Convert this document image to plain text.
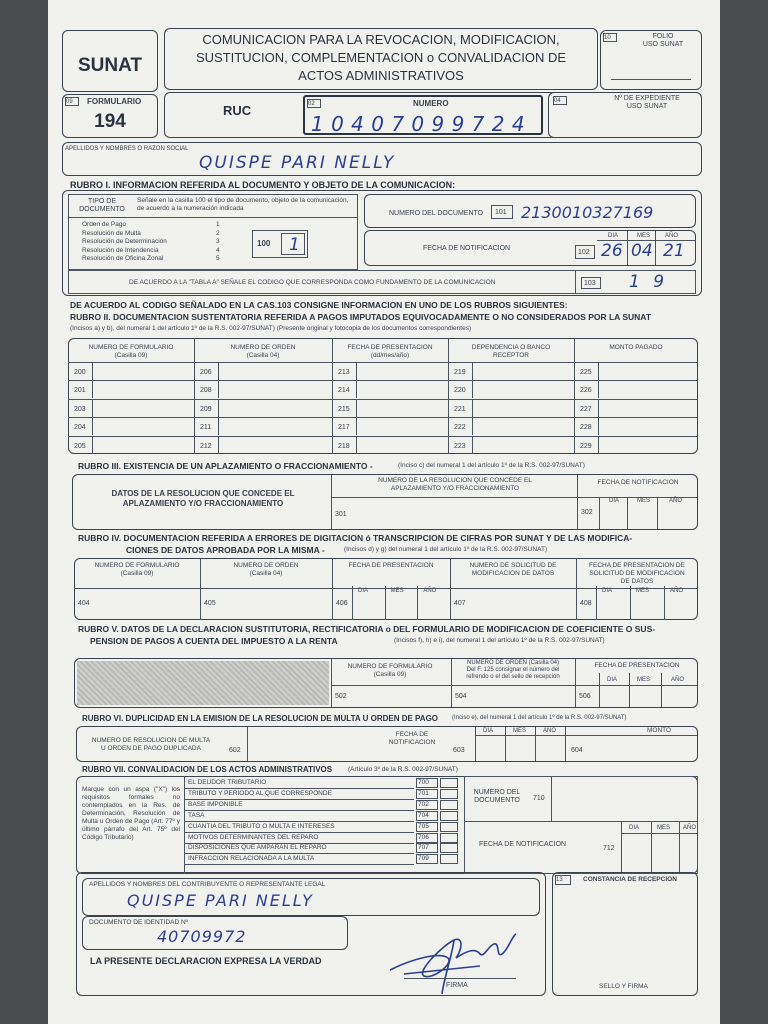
SUNAT
09	FORMULARIO
194
COMUNICACION PARA LA REVOCACION, MODIFICACION,
SUSTITUCION, COMPLEMENTACION o CONVALIDACION DE
ACTOS ADMINISTRATIVOS
10	FOLIO
USO SUNAT
RUC	02	NUMERO
1 0 4 0 7 0 9 9 7 2 4
04	Nº DE EXPEDIENTE
USO SUNAT
APELLIDOS Y NOMBRES O RAZON SOCIAL
QUISPE PARI NELLY
RUBRO I. INFORMACION REFERIDA AL DOCUMENTO Y OBJETO DE LA COMUNICACION:
TIPO DE
DOCUMENTO
Señale en la casilla 100 el tipo de documento, objeto de la comunicación, de acuerdo a la numeración indicada
100 1
NUMERO DEL DOCUMENTO	101 2130010327169
FECHA DE NOTIFICACION
102
DIA	MES AÑO
26 04 21
DE ACUERDO A LA "TABLA A" SEÑALE EL CODIGO QUE CORRESPONDA COMO FUNDAMENTO DE LA COMUNICACION	103	1 9
DE ACUERDO AL CODIGO SEÑALADO EN LA CAS.103 CONSIGNE INFORMACION EN UNO DE LOS RUBROS SIGUIENTES:
RUBRO II. DOCUMENTACION SUSTENTATORIA REFERIDA A PAGOS IMPUTADOS EQUIVOCADAMENTE O NO CONSIDERADOS POR LA SUNAT
(Incisos a) y b), del numeral 1 del artículo 1º de la R.S. 002-97/SUNAT) (Presente original y fotocopia de los documentos correspondientes)
RUBRO III. EXISTENCIA DE UN APLAZAMIENTO O FRACCIONAMIENTO -	(Inciso c) del numeral 1 del artículo 1º de la R.S. 002-97/SUNAT)
DATOS DE LA RESOLUCION QUE CONCEDE EL
APLAZAMIENTO Y/O FRACCIONAMIENTO
NUMERO DE LA RESOLUCION QUE CONCEDE EL
APLAZAMIENTO Y/O FRACCIONAMIENTO
FECHA DE NOTIFICACION
301	302
DIA	MES	AÑO
RUBRO IV. DOCUMENTACION REFERIDA A ERRORES DE DIGITACION ó TRANSCRIPCION DE CIFRAS POR SUNAT Y DE LAS MODIFICA-
CIONES DE DATOS APROBADA POR LA MISMA -	(Incisos d) y g) del numeral 1 del artículo 1º de la R.S. 002-97/SUNAT)
RUBRO V. DATOS DE LA DECLARACION SUSTITUTORIA, RECTIFICATORIA o DEL FORMULARIO DE MODIFICACION DE COEFICIENTE O SUS-
PENSION DE PAGOS A CUENTA DEL IMPUESTO A LA RENTA	(Incisos f), h) e i), del numeral 1 del artículo 1º de la R.S. 002-97/SUNAT)
NUMERO DE FORMULARIO
(Casilla 09)
NUMERO DE ORDEN (Casilla 04)
Del F. 125 consignar el número del
refrendo o el del sello de recepción
FECHA DE PRESENTACION
502	504	506
DIA	MES	AÑO
RUBRO VI. DUPLICIDAD EN LA EMISION DE LA RESOLUCION DE MULTA U ORDEN DE PAGO (Inciso e), del numeral 1 del artículo 1º de la R.S. 002-97/SUNAT)
NUMERO DE RESOLUCION DE MULTA
U ORDEN DE PAGO DUPLICADA	602
FECHA DE
NOTIFICACION
603
DIA	MES	AÑO
604
MONTO
RUBRO VII. CONVALIDACION DE LOS ACTOS ADMINISTRATIVOS (Artículo 3º de la R.S. 002-97/SUNAT)
Marque con un aspa ("X") los requisitos formales no contemplados en la Res. de Determinación, Resolución de Multa u Orden de Pago (Art. 77º y último párrafo del Art. 75º del Código Tributario)
NUMERO DEL
DOCUMENTO	710
FECHA DE NOTIFICACION
712
DIA	MES AÑO
APELLIDOS Y NOMBRES DEL CONTRIBUYENTE O REPRESENTANTE LEGAL
QUISPE PARI NELLY
DOCUMENTO DE IDENTIDAD Nº
40709972
LA PRESENTE DECLARACION EXPRESA LA VERDAD
FIRMA
13	CONSTANCIA DE RECEPCION
SELLO Y FIRMA
Orden de Pago	1
Resolución de Multa	2
Resolución de Determinación	3
Resolución de Intendencia	4
Resolución de Oficina Zonal	5
NUMERO DE FORMULARIO
(Casilla 09)
NUMERO DE ORDEN
(Casilla 04)
FECHA DE PRESENTACION
(dd/mes/año)
DEPENDENCIA O BANCO
RECEPTOR
MONTO PAGADO
200	206	213	219	225
201	208	214	220	226
203	209	215	221	227
204	211	217	222	228
205	212	218	223	229
NUMERO DE FORMULARIO
(Casilla 09)
NUMERO DE ORDEN
(Casilla 04)
FECHA DE PRESENTACION	NUMERO DE SOLICITUD DE
MODIFICACION DE DATOS
FECHA DE PRESENTACION DE
SOLICITUD DE MODIFICACION
DE DATOS
404	405	406	407	408
DIA	MES	AÑO	DIA	MES	AÑO
EL DEUDOR TRIBUTARIO	700
TRIBUTO Y PERIODO AL QUE CORRESPONDE	701
BASE IMPONIBLE	702
TASA	704
CUANTIA DEL TRIBUTO O MULTA E INTERESES	705
MOTIVOS DETERMINANTES DEL REPARO	706
DISPOSICIONES QUE AMPARAN EL REPARO	707
INFRACCION RELACIONADA A LA MULTA	709
